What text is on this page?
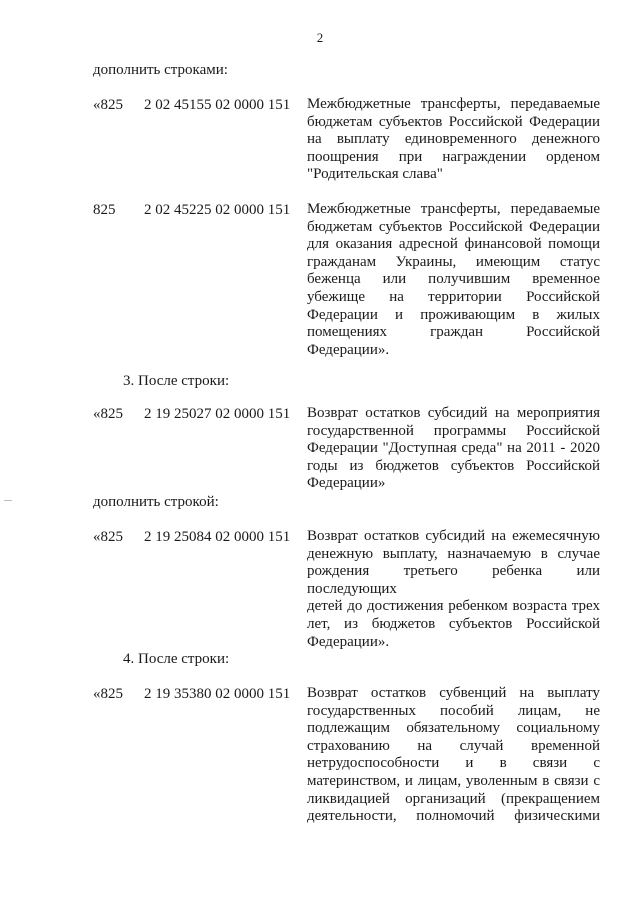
2
дополнить строками:
«825 2 02 45155 02 0000 151 Межбюджетные трансферты, передаваемые
бюджетам субъектов Российской Федерации
на выплату единовременного денежного
поощрения при награждении орденом
"Родительская слава"
825 2 02 45225 02 0000 151 Межбюджетные трансферты, передаваемые
бюджетам субъектов Российской Федерации
для оказания адресной финансовой помощи
гражданам Украины, имеющим статус
беженца или получившим временное
убежище на территории Российской
Федерации и проживающим в жилых
помещениях граждан Российской
Федерации».
3. После строки:
«825 2 19 25027 02 0000 151 Возврат остатков субсидий на мероприятия
государственной программы Российской
Федерации "Доступная среда" на 2011 - 2020
годы из бюджетов субъектов Российской
Федерации»
дополнить строкой:
«825 2 19 25084 02 0000 151 Возврат остатков субсидий на ежемесячную
денежную выплату, назначаемую в случае
рождения третьего ребенка или последующих
детей до достижения ребенком возраста трех
лет, из бюджетов субъектов Российской
Федерации».
4. После строки:
«825 2 19 35380 02 0000 151 Возврат остатков субвенций на выплату
государственных пособий лицам, не
подлежащим обязательному социальному
страхованию на случай временной
нетрудоспособности и в связи с
материнством, и лицам, уволенным в связи с
ликвидацией организаций (прекращением
деятельности, полномочий физическими
